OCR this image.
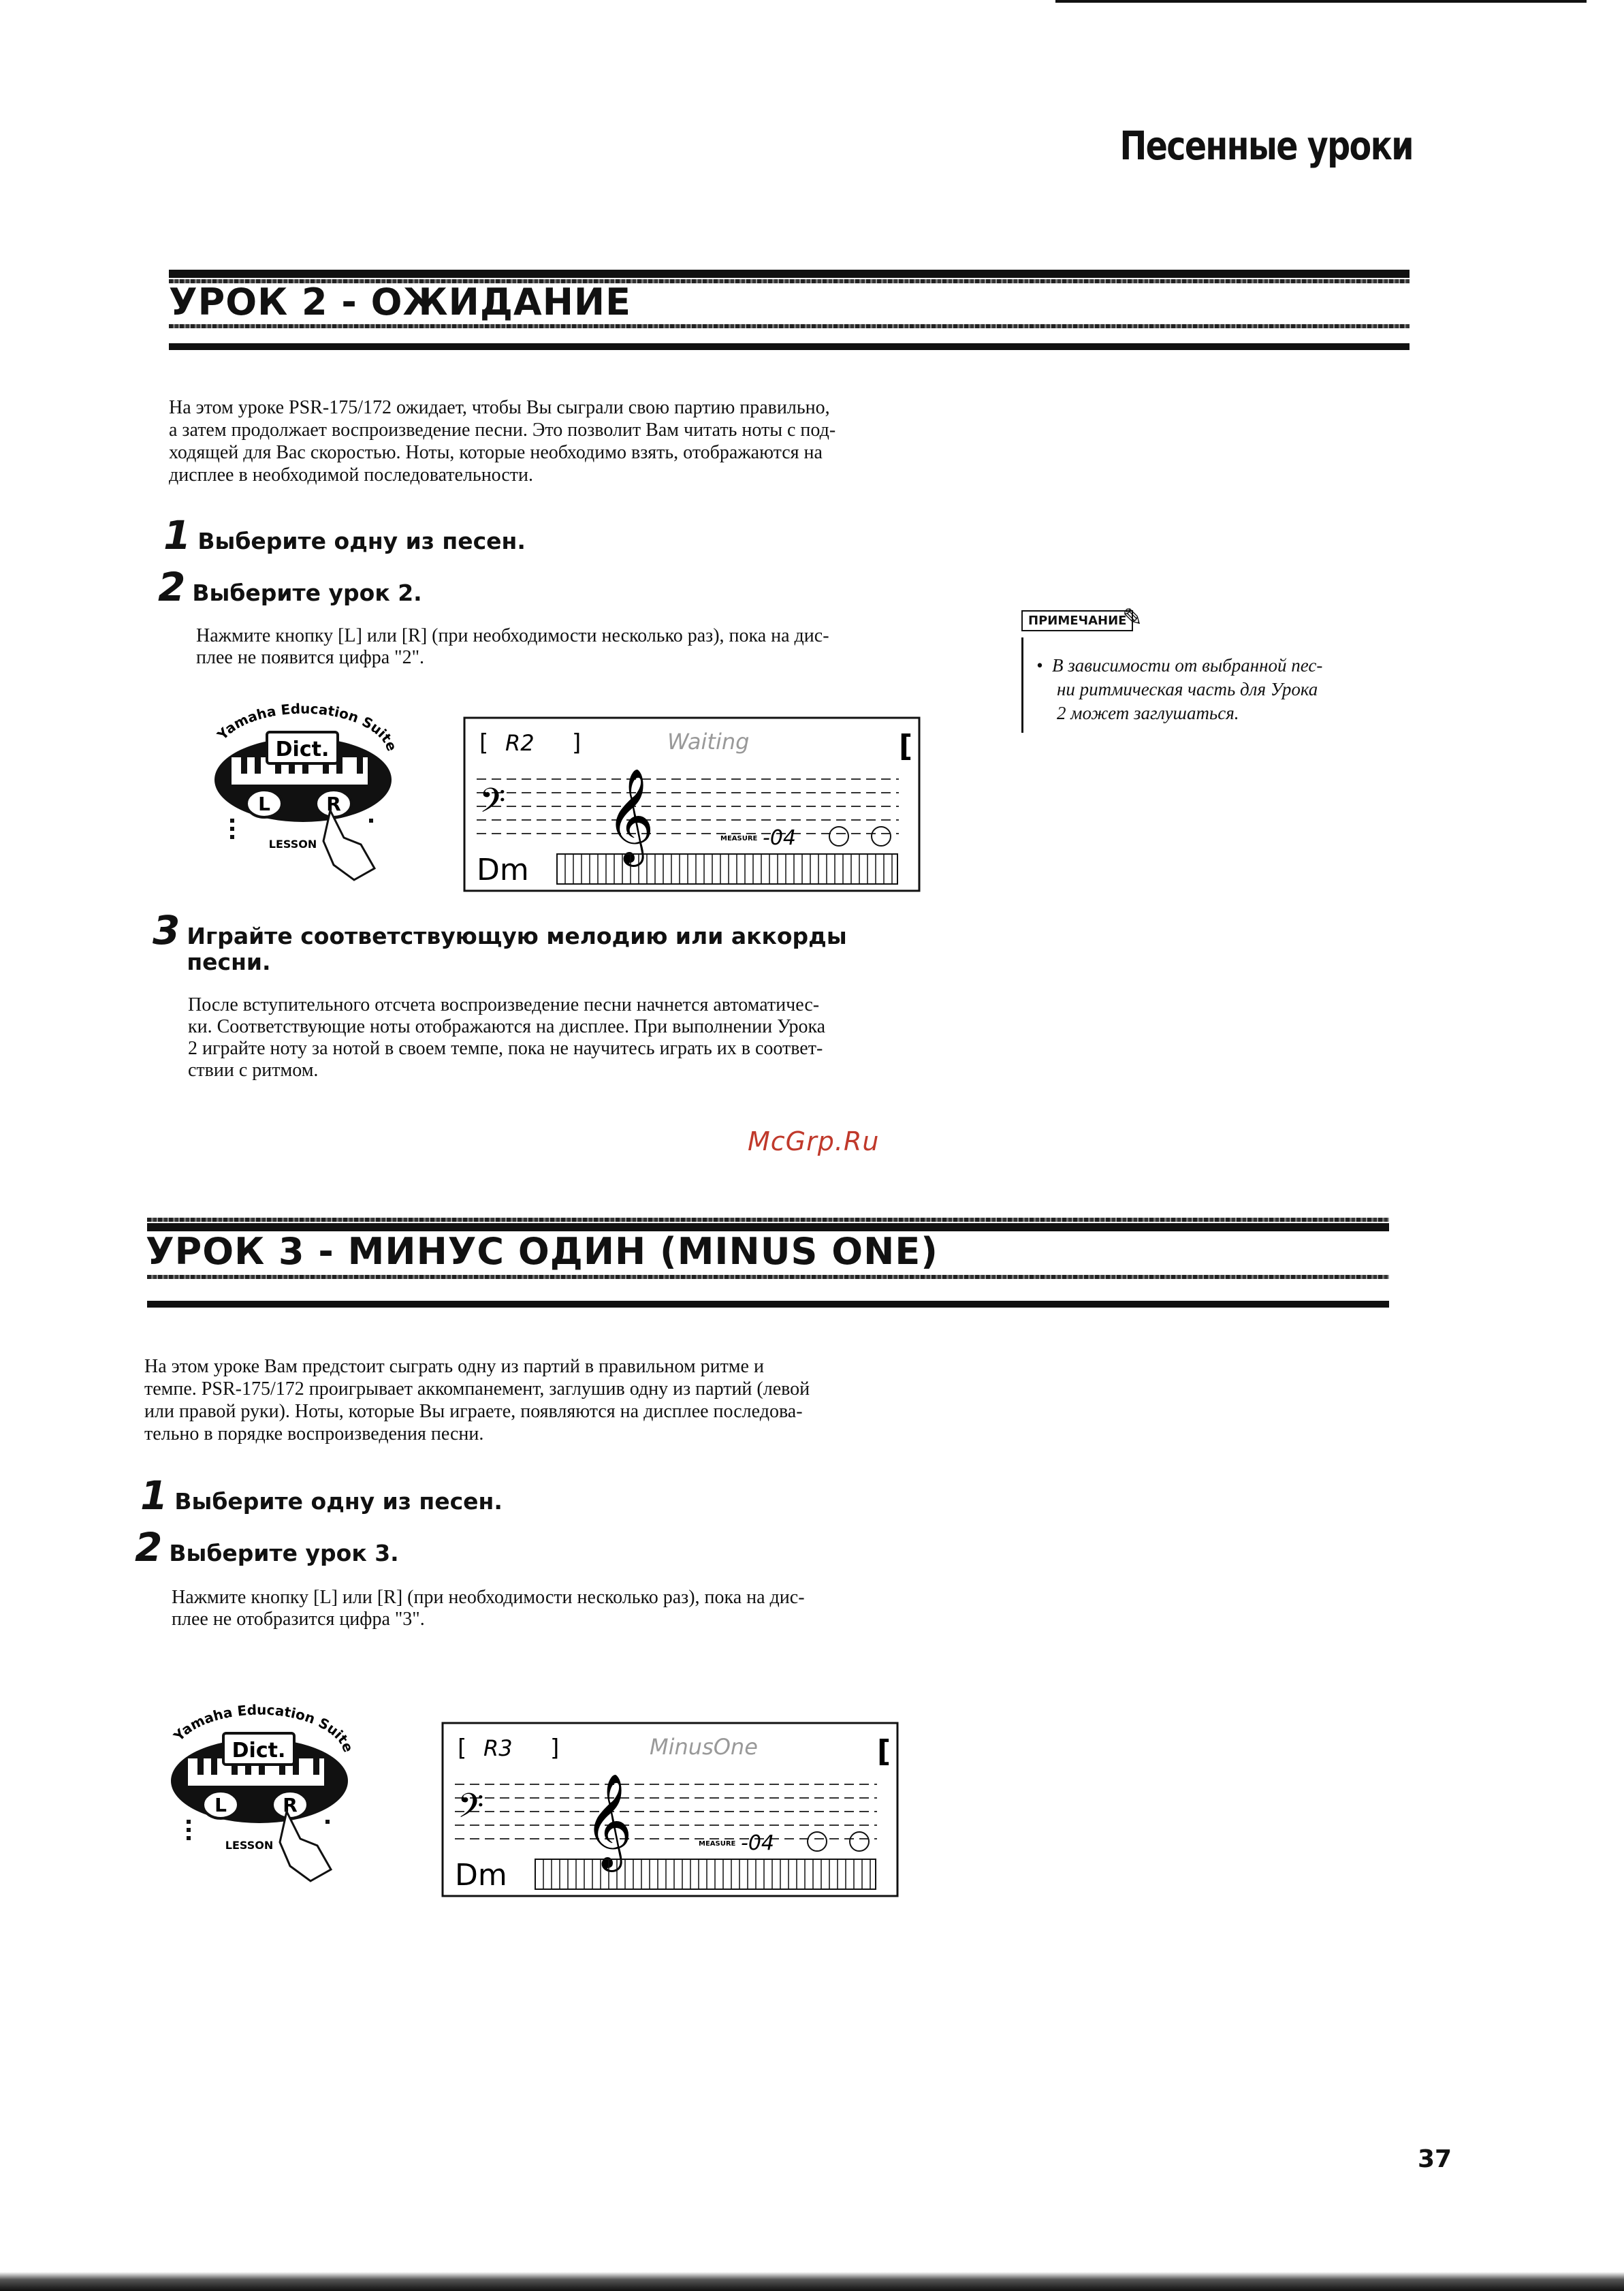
Песенные уроки
УРОК 2 - ОЖИДАНИЕ
На этом уроке PSR-175/172 ожидает, чтобы Вы сыграли свою партию правильно,
а затем продолжает воспроизведение песни. Это позволит Вам читать ноты с под-
ходящей для Вас скоростью. Ноты, которые необходимо взять, отображаются на
дисплее в необходимой последовательности.
1 Выберите одну из песен.
2 Выберите урок 2.
Нажмите кнопку [L] или [R] (при необходимости несколько раз), пока на дис-
плее не появится цифра "2".
Yamaha Education Suite
Dict.
L	R
LESSON
[ R2 ]	Waiting	[
𝄢 𝄞	MEASURE -04
Dm
3 Играйте соответствующую мелодию или аккорды
песни.
После вступительного отсчета воспроизведение песни начнется автоматичес-
ки. Соответствующие ноты отображаются на дисплее. При выполнении Урока
2 играйте ноту за нотой в своем темпе, пока не научитесь играть их в соответ-
ствии с ритмом.
ПРИМЕЧАНИЕ
✎
•  В зависимости от выбранной пес-
ни ритмическая часть для Урока
2 может заглушаться.
McGrp.Ru
УРОК 3 - МИНУС ОДИН (MINUS ONE)
На этом уроке Вам предстоит сыграть одну из партий в правильном ритме и
темпе. PSR-175/172 проигрывает аккомпанемент, заглушив одну из партий (левой
или правой руки). Ноты, которые Вы играете, появляются на дисплее последова-
тельно в порядке воспроизведения песни.
1 Выберите одну из песен.
2 Выберите урок 3.
Нажмите кнопку [L] или [R] (при необходимости несколько раз), пока на дис-
плее не отобразится цифра "3".
Yamaha Education Suite
Dict.
L	R
LESSON
[ R3 ]	MinusOne	[
𝄢 𝄞	MEASURE -04
Dm
37
